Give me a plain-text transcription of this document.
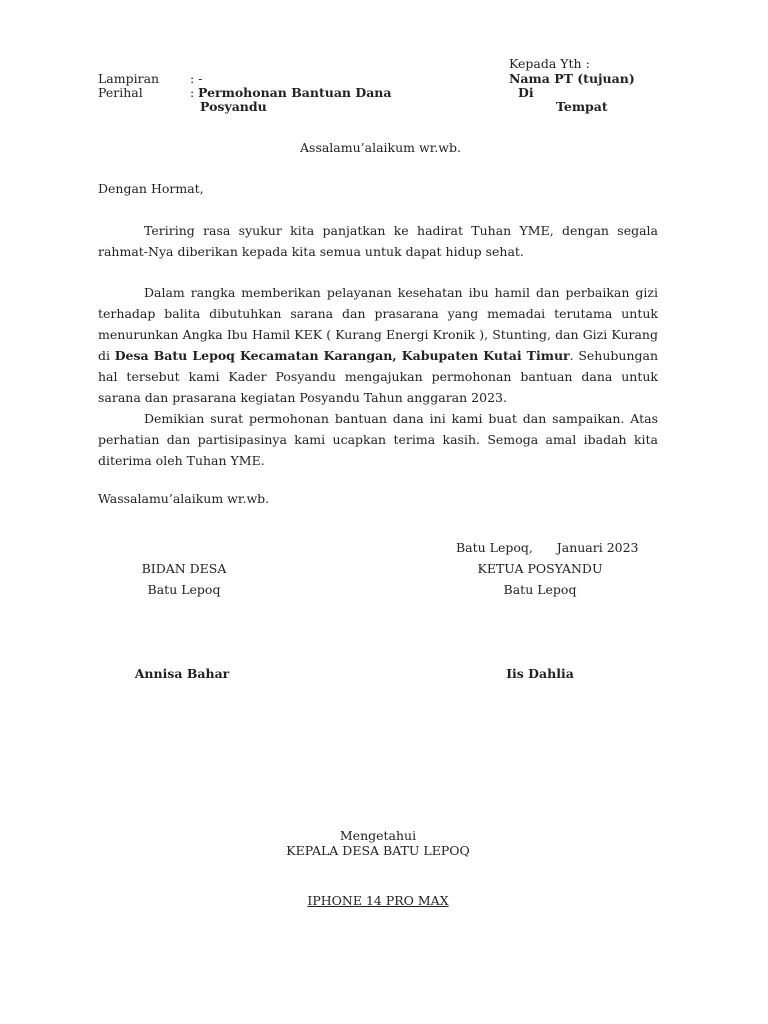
Kepada Yth :
Nama PT (tujuan)
Di
Tempat
Lampiran : -
Perihal	: Permohonan Bantuan Dana
Posyandu
Assalamu’alaikum wr.wb.
Dengan Hormat,

Teriring rasa syukur kita panjatkan ke hadirat Tuhan YME, dengan segala rahmat-Nya diberikan kepada kita semua untuk dapat hidup sehat.

Dalam rangka memberikan pelayanan kesehatan ibu hamil dan perbaikan gizi terhadap balita dibutuhkan sarana dan prasarana yang memadai terutama untuk menurunkan Angka Ibu Hamil KEK ( Kurang Energi Kronik ), Stunting, dan Gizi Kurang di Desa Batu Lepoq Kecamatan Karangan, Kabupaten Kutai Timur. Sehubungan hal tersebut kami Kader Posyandu mengajukan permohonan bantuan dana untuk sarana dan prasarana kegiatan Posyandu Tahun anggaran 2023.

Demikian surat permohonan bantuan dana ini kami buat dan sampaikan. Atas perhatian dan partisipasinya kami ucapkan terima kasih. Semoga amal ibadah kita diterima oleh Tuhan YME.

Wassalamu’alaikum wr.wb.
Batu Lepoq,      Januari 2023
BIDAN DESA
Batu Lepoq
Annisa Bahar
KETUA POSYANDU
Batu Lepoq
Iis Dahlia
Mengetahui
KEPALA DESA BATU LEPOQ
IPHONE 14 PRO MAX
